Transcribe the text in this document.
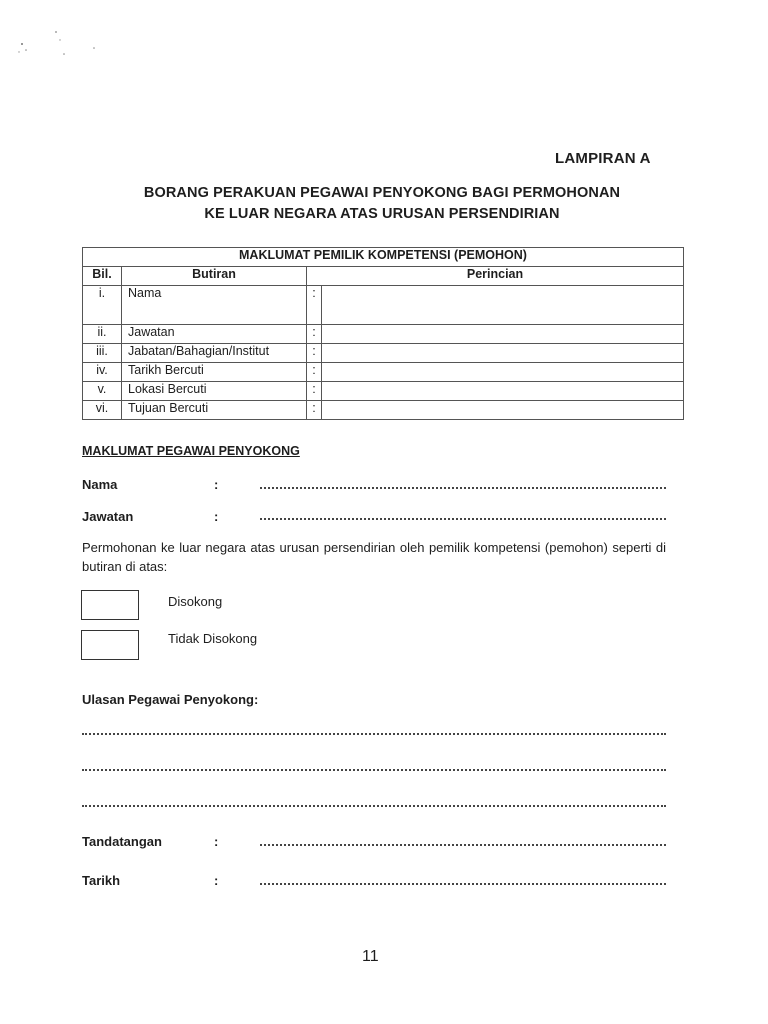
LAMPIRAN A
BORANG PERAKUAN PEGAWAI PENYOKONG BAGI PERMOHONAN
KE LUAR NEGARA ATAS URUSAN PERSENDIRIAN
MAKLUMAT PEMILIK KOMPETENSI (PEMOHON)			
Bil.	Butiran	Perincian	
i.	Nama	:	
ii.	Jawatan	:	
iii.	Jabatan/Bahagian/Institut	:	
iv.	Tarikh Bercuti	:	
v.	Lokasi Bercuti	:	
vi.	Tujuan Bercuti	:	
MAKLUMAT PEGAWAI PENYOKONG
Nama	:
Jawatan	:
Permohonan ke luar negara atas urusan persendirian oleh pemilik kompetensi (pemohon) seperti di butiran di atas:
Disokong
Tidak Disokong
Ulasan Pegawai Penyokong:
Tandatangan	:
Tarikh	:
11
